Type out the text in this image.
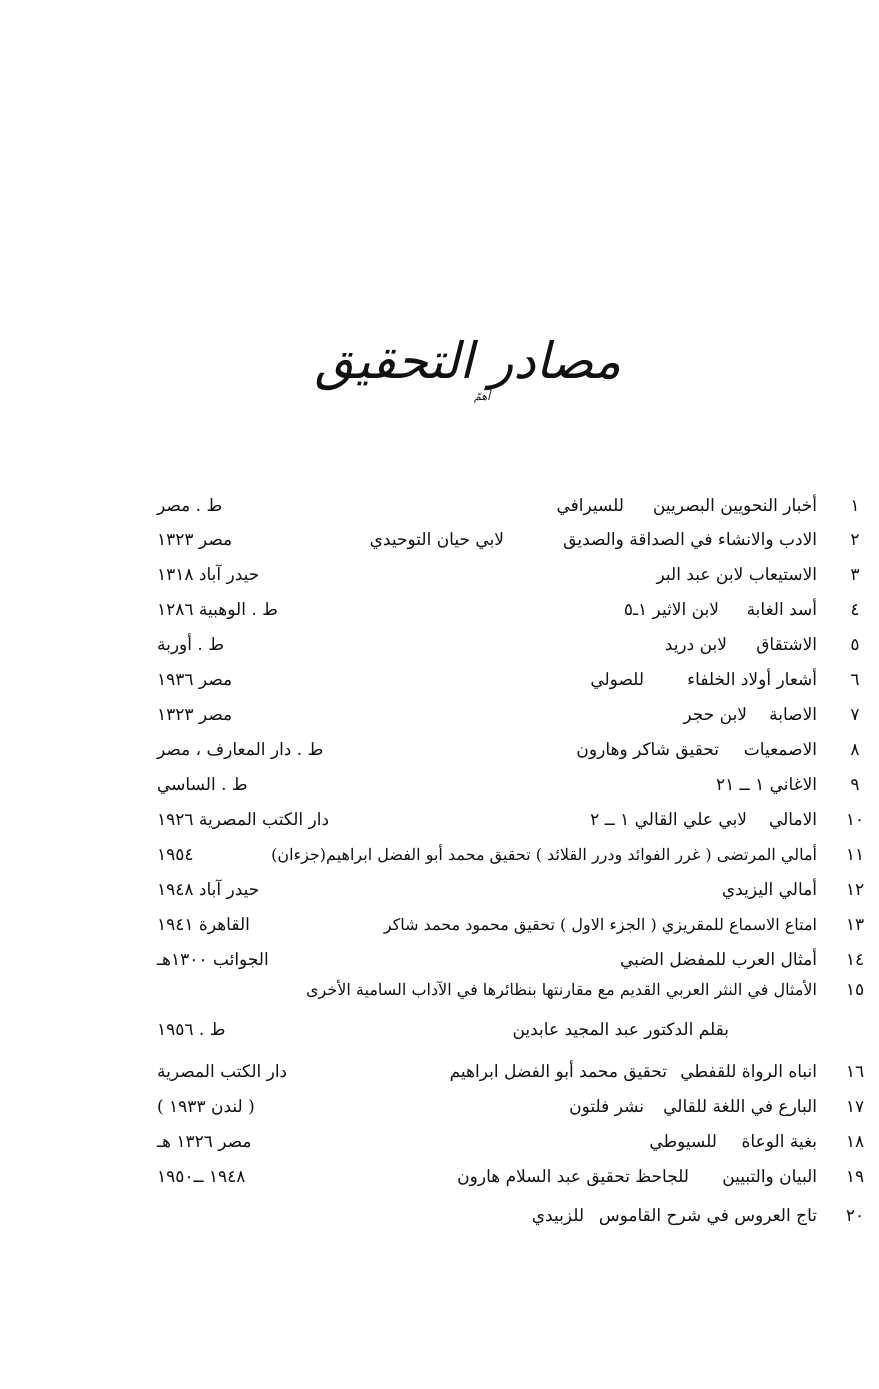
مصادر التحقيق
أهمّ
١
أخبار النحويين البصريين
للسيرافي
ط . مصر
٢
الادب والانشاء في الصداقة والصديق
لابي حيان التوحيدي
مصر ١٣٢٣
٣
الاستيعاب لابن عبد البر
حيدر آباد ١٣١٨
٤
أسد الغابة
لابن الاثير ١ـ٥
ط . الوهبية ١٢٨٦
٥
الاشتقاق
لابن دريد
ط . أوربة
٦
أشعار أولاد الخلفاء
للصولي
مصر ١٩٣٦
٧
الاصابة
لابن حجر
مصر ١٣٢٣
٨
الاصمعيات
تحقيق شاكر وهارون
ط . دار المعارف ، مصر
٩
الاغاني ١ ــ ٢١
ط . الساسي
١٠
الامالي
لابي علي القالي ١ ــ ٢
دار الكتب المصرية ١٩٢٦
١١
أمالي المرتضى ( غرر الفوائد ودرر القلائد ) تحقيق محمد أبو الفضل ابراهيم(جزءان)
١٩٥٤
١٢
أمالي اليزيدي
حيدر آباد ١٩٤٨
١٣
امتاع الاسماع للمقريزي ( الجزء الاول ) تحقيق محمود محمد شاكر
القاهرة ١٩٤١
١٤
أمثال العرب للمفضل الضبي
الجوائب ١٣٠٠هـ
١٥
الأمثال في النثر العربي القديم مع مقارنتها بنظائرها في الآداب السامية الأخرى
بقلم الدكتور عبد المجيد عابدين
ط . ١٩٥٦
١٦
انباه الرواة للقفطي
تحقيق محمد أبو الفضل ابراهيم
دار الكتب المصرية
١٧
البارع في اللغة للقالي
نشر فلتون
( لندن ١٩٣٣ )
١٨
بغية الوعاة
للسيوطي
مصر ١٣٢٦ هـ
١٩
البيان والتبيين
للجاحظ تحقيق عبد السلام هارون
١٩٤٨ ــ١٩٥٠
٢٠
تاج العروس في شرح القاموس
للزبيدي
